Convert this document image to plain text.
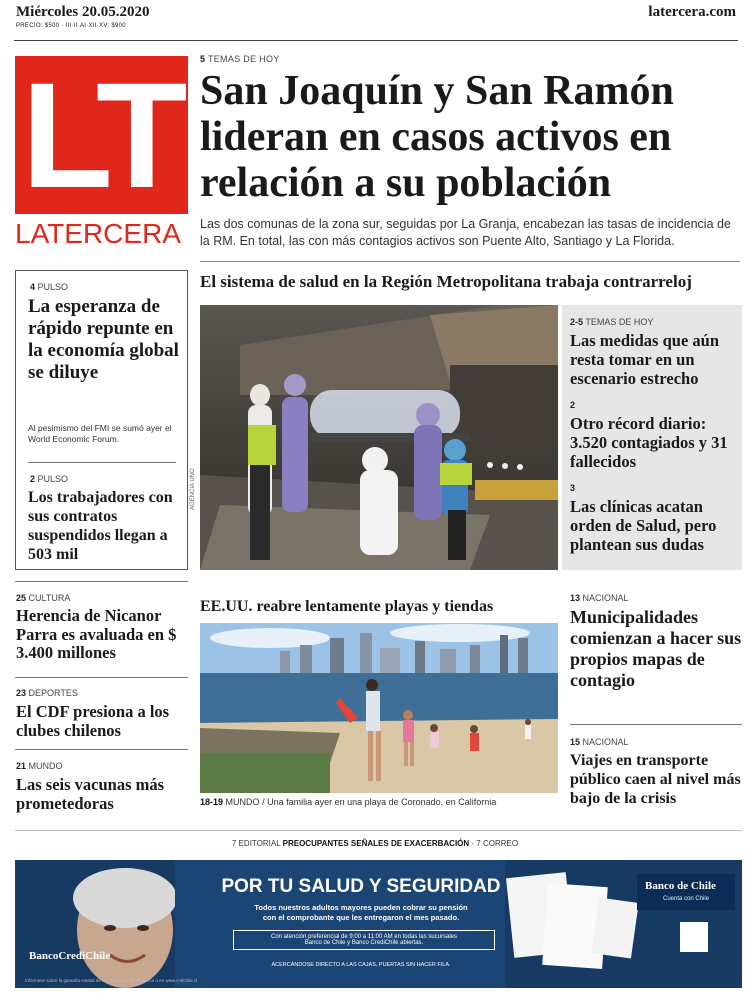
Miércoles 20.05.2020
PRECIO: $500 · III·II·AI·XII·XV: $900
latercera.com
LT
LATERCERA
5 TEMAS DE HOY
San Joaquín y San Ramón lideran en casos activos en relación a su población
Las dos comunas de la zona sur, seguidas por La Granja, encabezan las tasas de incidencia de la RM. En total, las con más contagios activos son Puente Alto, Santiago y La Florida.
El sistema de salud en la Región Metropolitana trabaja contrarreloj
AGENCIA UNO
2-5 TEMAS DE HOY
Las medidas que aún resta tomar en un escenario estrecho
2
Otro récord diario: 3.520 contagiados y 31 fallecidos
3
Las clínicas acatan orden de Salud, pero plantean sus dudas
4 PULSO
La esperanza de rápido repunte en la economía global se diluye
Al pesimismo del FMI se sumó ayer el World Economic Forum.
2 PULSO
Los trabajadores con sus contratos suspendidos llegan a 503 mil
25 CULTURA
Herencia de Nicanor Parra es avaluada en $ 3.400 millones
23 DEPORTES
El CDF presiona a los clubes chilenos
21 MUNDO
Las seis vacunas más prometedoras
EE.UU. reabre lentamente playas y tiendas
18-19 MUNDO / Una familia ayer en una playa de Coronado, en California
13 NACIONAL
Municipalidades comienzan a hacer sus propios mapas de contagio
15 NACIONAL
Viajes en transporte público caen al nivel más bajo de la crisis
7 EDITORIAL PREOCUPANTES SEÑALES DE EXACERBACIÓN · 7 CORREO
POR TU SALUD Y SEGURIDAD
Todos nuestros adultos mayores pueden cobrar su pensión
con el comprobante que les entregaron el mes pasado.
Con atención preferencial de 9:00 a 11:00 AM en todas las sucursales
Banco de Chile y Banco CrediChile abiertas.
ACERCÁNDOSE DIRECTO A LAS CAJAS, PUERTAS SIN HACER FILA.
BancoCrediChile
Banco de Chile
Cuenta con Chile
Infórmese sobre la garantía estatal de los depósitos en su banco o en www.cmfchile.cl
